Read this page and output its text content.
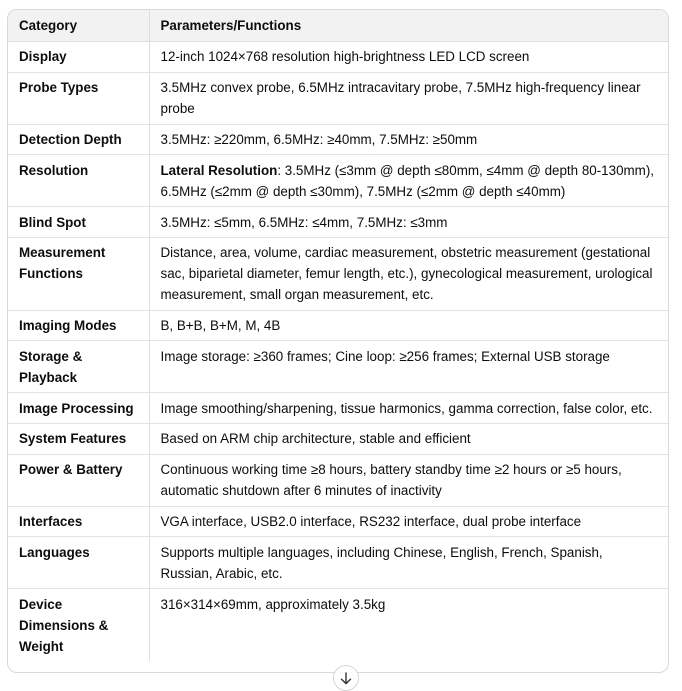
Category	Parameters/Functions
Display	12-inch 1024×768 resolution high-brightness LED LCD screen
Probe Types	3.5MHz convex probe, 6.5MHz intracavitary probe, 7.5MHz high-frequency linear probe
Detection Depth	3.5MHz: ≥220mm, 6.5MHz: ≥40mm, 7.5MHz: ≥50mm
Resolution	Lateral Resolution: 3.5MHz (≤3mm @ depth ≤80mm, ≤4mm @ depth 80-130mm), 6.5MHz (≤2mm @ depth ≤30mm), 7.5MHz (≤2mm @ depth ≤40mm)
Blind Spot	3.5MHz: ≤5mm, 6.5MHz: ≤4mm, 7.5MHz: ≤3mm
Measurement Functions	Distance, area, volume, cardiac measurement, obstetric measurement (gestational sac, biparietal diameter, femur length, etc.), gynecological measurement, urological measurement, small organ measurement, etc.
Imaging Modes	B, B+B, B+M, M, 4B
Storage & Playback	Image storage: ≥360 frames; Cine loop: ≥256 frames; External USB storage
Image Processing	Image smoothing/sharpening, tissue harmonics, gamma correction, false color, etc.
System Features	Based on ARM chip architecture, stable and efficient
Power & Battery	Continuous working time ≥8 hours, battery standby time ≥2 hours or ≥5 hours, automatic shutdown after 6 minutes of inactivity
Interfaces	VGA interface, USB2.0 interface, RS232 interface, dual probe interface
Languages	Supports multiple languages, including Chinese, English, French, Spanish, Russian, Arabic, etc.
Device Dimensions & Weight	316×314×69mm, approximately 3.5kg
